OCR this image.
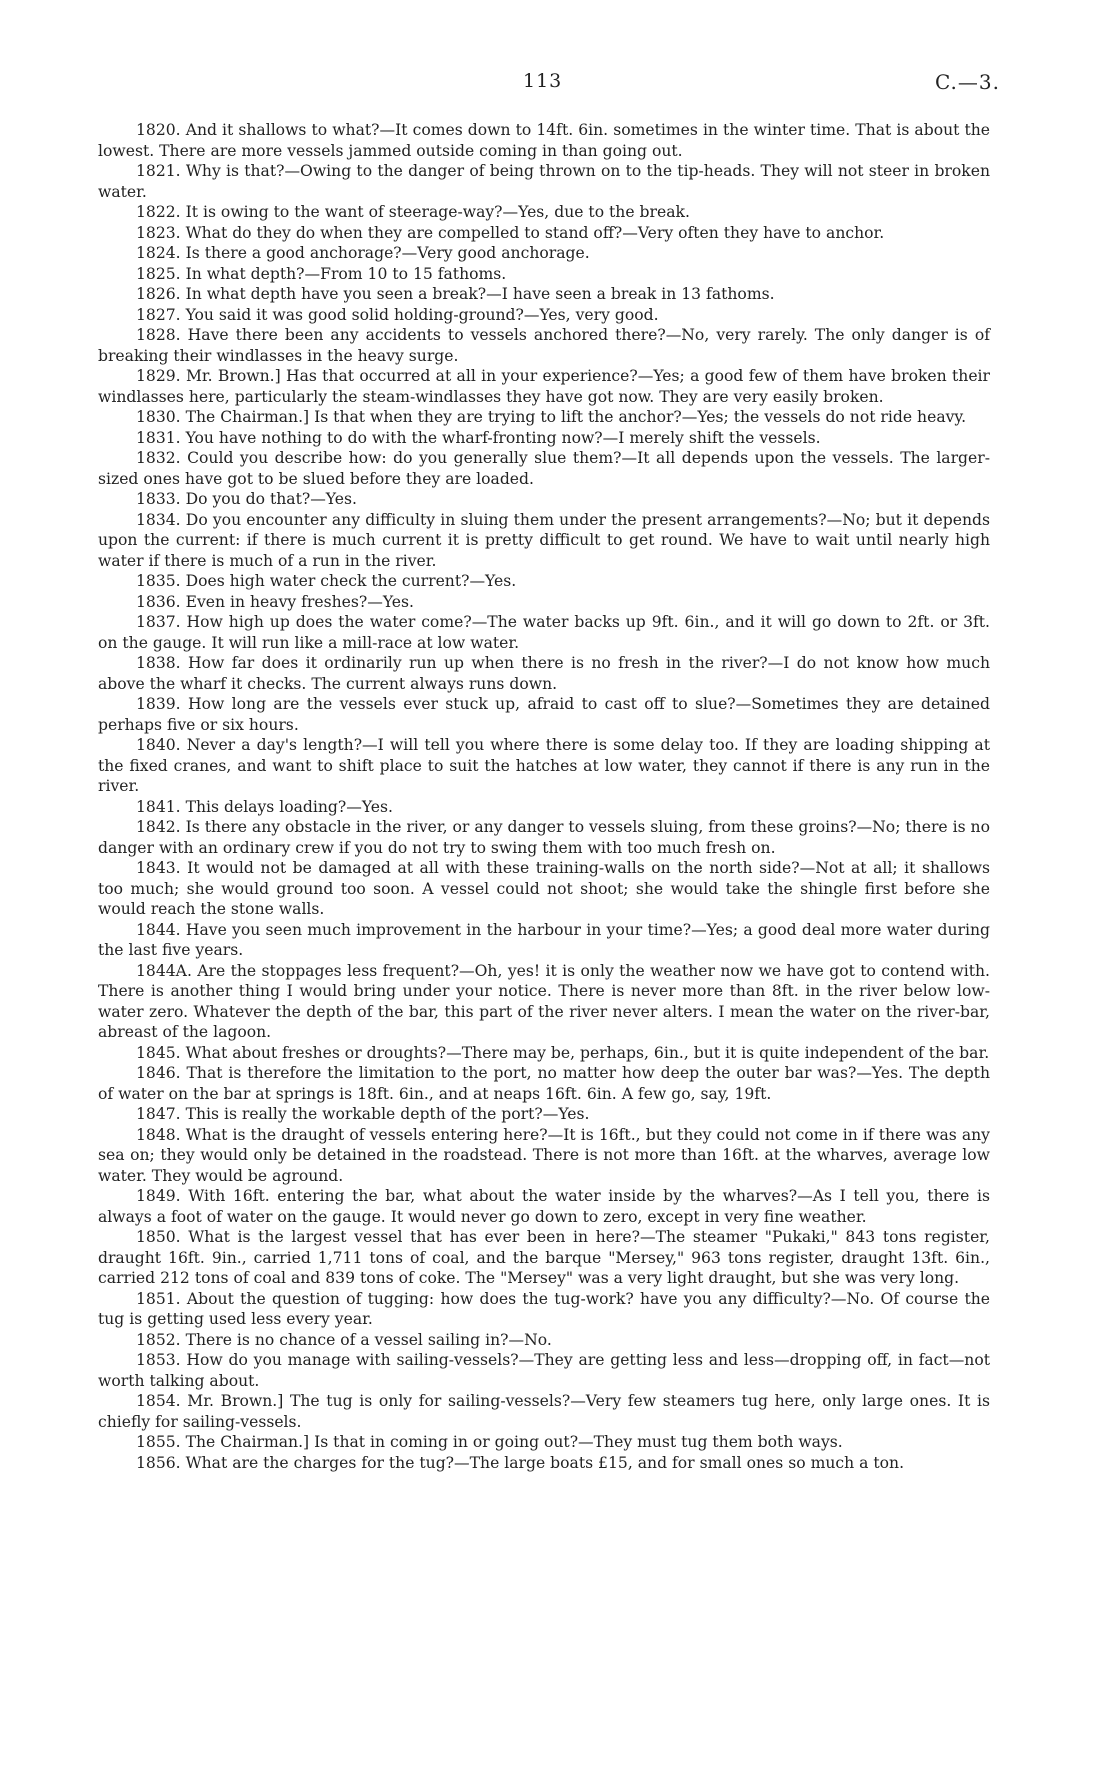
113	C.—3.

1820. And it shallows to what?—It comes down to 14ft. 6in. sometimes in the winter time. That is about the lowest. There are more vessels jammed outside coming in than going out.

1821. Why is that?—Owing to the danger of being thrown on to the tip-heads. They will not steer in broken water.

1822. It is owing to the want of steerage-way?—Yes, due to the break.

1823. What do they do when they are compelled to stand off?—Very often they have to anchor.

1824. Is there a good anchorage?—Very good anchorage.

1825. In what depth?—From 10 to 15 fathoms.

1826. In what depth have you seen a break?—I have seen a break in 13 fathoms.

1827. You said it was good solid holding-ground?—Yes, very good.

1828. Have there been any accidents to vessels anchored there?—No, very rarely. The only danger is of breaking their windlasses in the heavy surge.

1829. Mr. Brown.] Has that occurred at all in your experience?—Yes; a good few of them have broken their windlasses here, particularly the steam-windlasses they have got now. They are very easily broken.

1830. The Chairman.] Is that when they are trying to lift the anchor?—Yes; the vessels do not ride heavy.

1831. You have nothing to do with the wharf-fronting now?—I merely shift the vessels.

1832. Could you describe how: do you generally slue them?—It all depends upon the vessels. The larger-sized ones have got to be slued before they are loaded.

1833. Do you do that?—Yes.

1834. Do you encounter any difficulty in sluing them under the present arrangements?—No; but it depends upon the current: if there is much current it is pretty difficult to get round. We have to wait until nearly high water if there is much of a run in the river.

1835. Does high water check the current?—Yes.

1836. Even in heavy freshes?—Yes.

1837. How high up does the water come?—The water backs up 9ft. 6in., and it will go down to 2ft. or 3ft. on the gauge. It will run like a mill-race at low water.

1838. How far does it ordinarily run up when there is no fresh in the river?—I do not know how much above the wharf it checks. The current always runs down.

1839. How long are the vessels ever stuck up, afraid to cast off to slue?—Sometimes they are detained perhaps five or six hours.

1840. Never a day's length?—I will tell you where there is some delay too. If they are loading shipping at the fixed cranes, and want to shift place to suit the hatches at low water, they cannot if there is any run in the river.

1841. This delays loading?—Yes.

1842. Is there any obstacle in the river, or any danger to vessels sluing, from these groins?—No; there is no danger with an ordinary crew if you do not try to swing them with too much fresh on.

1843. It would not be damaged at all with these training-walls on the north side?—Not at all; it shallows too much; she would ground too soon. A vessel could not shoot; she would take the shingle first before she would reach the stone walls.

1844. Have you seen much improvement in the harbour in your time?—Yes; a good deal more water during the last five years.

1844A. Are the stoppages less frequent?—Oh, yes! it is only the weather now we have got to contend with. There is another thing I would bring under your notice. There is never more than 8ft. in the river below low-water zero. Whatever the depth of the bar, this part of the river never alters. I mean the water on the river-bar, abreast of the lagoon.

1845. What about freshes or droughts?—There may be, perhaps, 6in., but it is quite independent of the bar.

1846. That is therefore the limitation to the port, no matter how deep the outer bar was?—Yes. The depth of water on the bar at springs is 18ft. 6in., and at neaps 16ft. 6in. A few go, say, 19ft.

1847. This is really the workable depth of the port?—Yes.

1848. What is the draught of vessels entering here?—It is 16ft., but they could not come in if there was any sea on; they would only be detained in the roadstead. There is not more than 16ft. at the wharves, average low water. They would be aground.

1849. With 16ft. entering the bar, what about the water inside by the wharves?—As I tell you, there is always a foot of water on the gauge. It would never go down to zero, except in very fine weather.

1850. What is the largest vessel that has ever been in here?—The steamer "Pukaki," 843 tons register, draught 16ft. 9in., carried 1,711 tons of coal, and the barque "Mersey," 963 tons register, draught 13ft. 6in., carried 212 tons of coal and 839 tons of coke. The "Mersey" was a very light draught, but she was very long.

1851. About the question of tugging: how does the tug-work? have you any difficulty?—No. Of course the tug is getting used less every year.

1852. There is no chance of a vessel sailing in?—No.

1853. How do you manage with sailing-vessels?—They are getting less and less—dropping off, in fact—not worth talking about.

1854. Mr. Brown.] The tug is only for sailing-vessels?—Very few steamers tug here, only large ones. It is chiefly for sailing-vessels.

1855. The Chairman.] Is that in coming in or going out?—They must tug them both ways.

1856. What are the charges for the tug?—The large boats £15, and for small ones so much a ton.
